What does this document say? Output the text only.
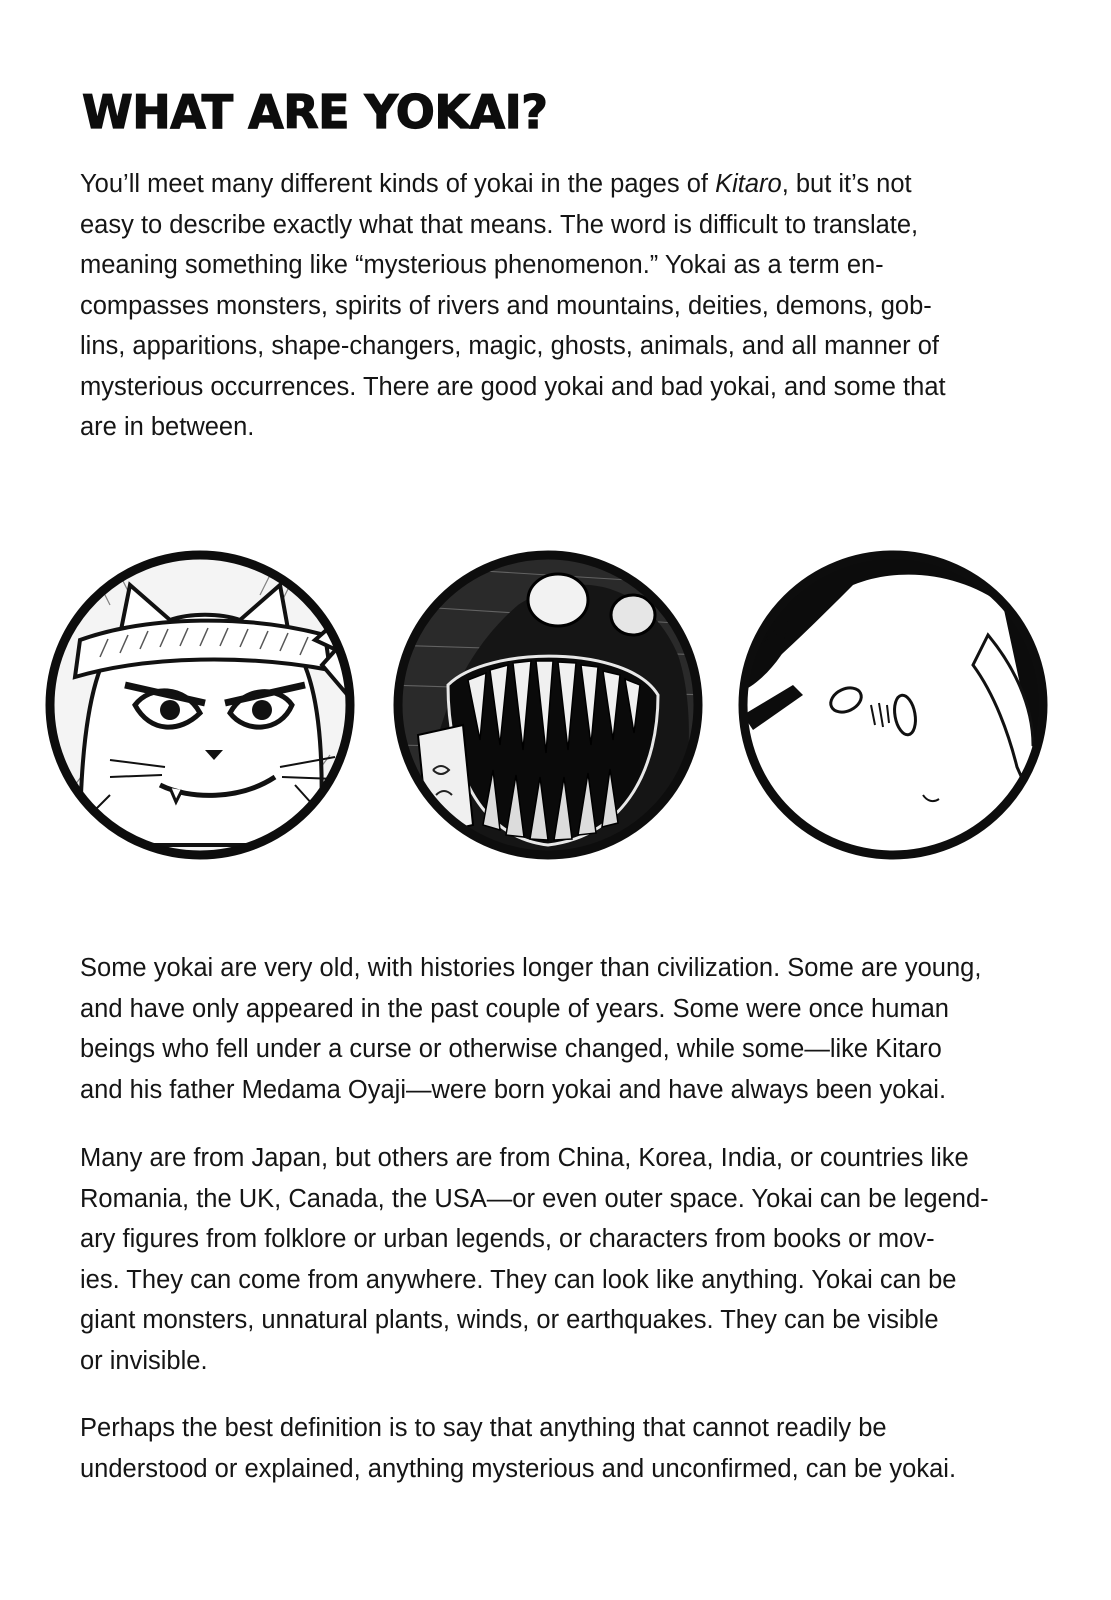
WHAT ARE YOKAI?

You’ll meet many different kinds of yokai in the pages of Kitaro, but it’s not
easy to describe exactly what that means. The word is difficult to translate,
meaning something like “mysterious phenomenon.” Yokai as a term en-
compasses monsters, spirits of rivers and mountains, deities, demons, gob-
lins, apparitions, shape-changers, magic, ghosts, animals, and all manner of
mysterious occurrences. There are good yokai and bad yokai, and some that
are in between.

Some yokai are very old, with histories longer than civilization. Some are young,
and have only appeared in the past couple of years. Some were once human
beings who fell under a curse or otherwise changed, while some—like Kitaro
and his father Medama Oyaji—were born yokai and have always been yokai.

Many are from Japan, but others are from China, Korea, India, or countries like
Romania, the UK, Canada, the USA—or even outer space. Yokai can be legend-
ary figures from folklore or urban legends, or characters from books or mov-
ies. They can come from anywhere. They can look like anything. Yokai can be
giant monsters, unnatural plants, winds, or earthquakes. They can be visible
or invisible.

Perhaps the best definition is to say that anything that cannot readily be
understood or explained, anything mysterious and unconfirmed, can be yokai.
